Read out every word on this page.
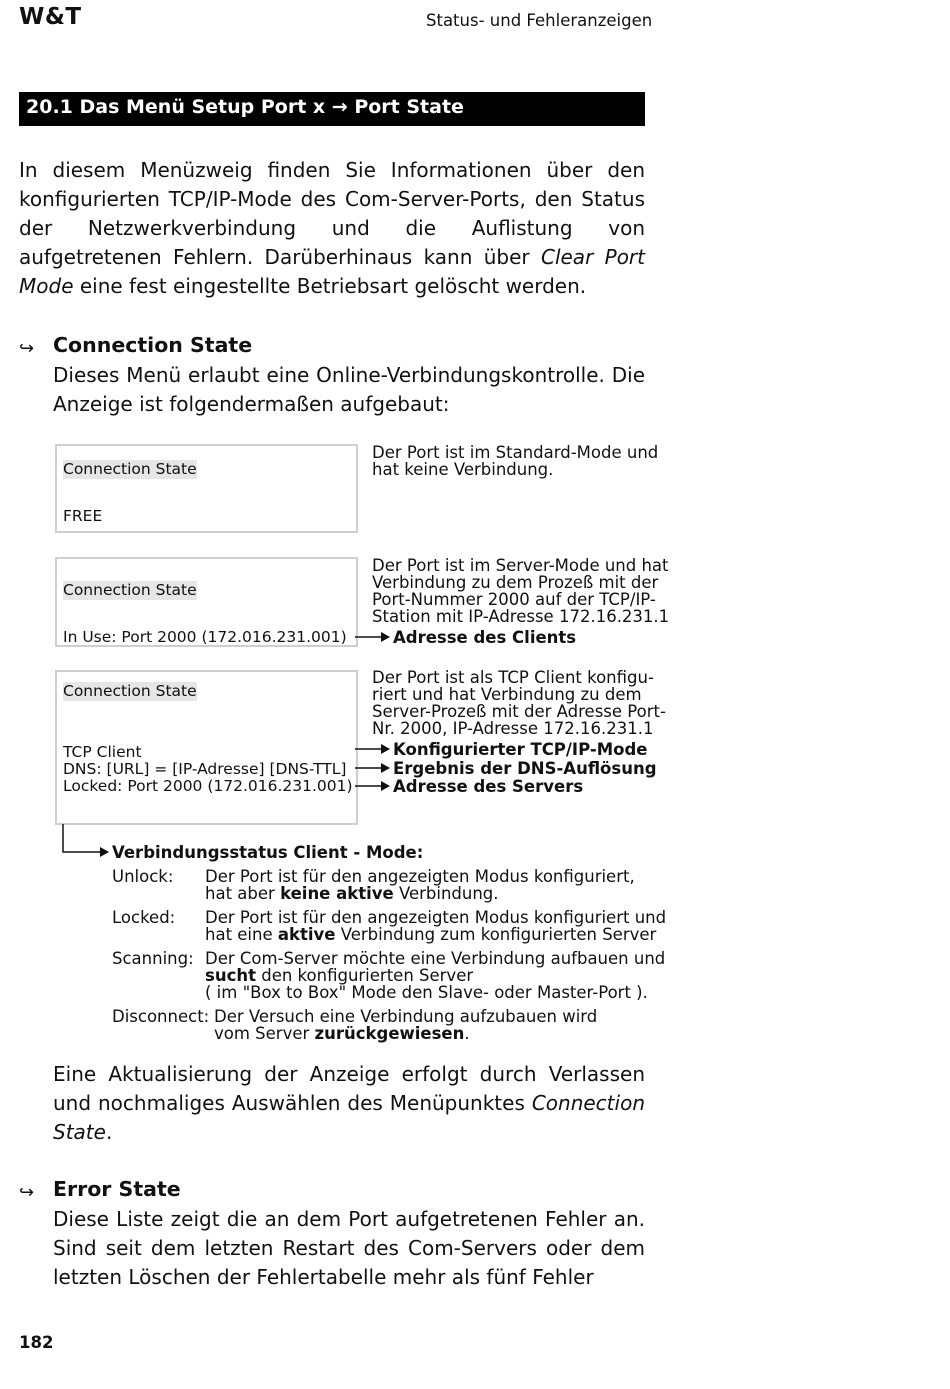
W&T	Status- und Fehleranzeigen
20.1 Das Menü Setup Port x → Port State

In diesem Menüzweig finden Sie Informationen über den konfigurierten TCP/IP-Mode des Com-Server-Ports, den Status der Netzwerkverbindung und die Auflistung von aufgetretenen Fehlern. Darüberhinaus kann über Clear Port Mode eine fest eingestellte Betriebsart gelöscht werden.

↪ Connection State

Dieses Menü erlaubt eine Online-Verbindungskontrolle. Die Anzeige ist folgendermaßen aufgebaut:

Connection State
FREE
Der Port ist im Standard-Mode und
hat keine Verbindung.
Connection State
In Use: Port 2000 (172.016.231.001)
Der Port ist im Server-Mode und hat
Verbindung zu dem Prozeß mit der
Port-Nummer 2000 auf der TCP/IP-
Station mit IP-Adresse 172.16.231.1
Adresse des Clients
Connection State
TCP Client
DNS: [URL] = [IP-Adresse] [DNS-TTL]
Locked: Port 2000 (172.016.231.001)
Der Port ist als TCP Client konfigu-
riert und hat Verbindung zu dem
Server-Prozeß mit der Adresse Port-
Nr. 2000, IP-Adresse 172.16.231.1
Konfigurierter TCP/IP-Mode
Ergebnis der DNS-Auflösung
Adresse des Servers
Verbindungsstatus Client - Mode:
Unlock: Der Port ist für den angezeigten Modus konfiguriert,
hat aber keine aktive Verbindung.
Locked: Der Port ist für den angezeigten Modus konfiguriert und
hat eine aktive Verbindung zum konfigurierten Server
Scanning: Der Com-Server möchte eine Verbindung aufbauen und
sucht den konfigurierten Server
( im "Box to Box" Mode den Slave- oder Master-Port ).
Disconnect: Der Versuch eine Verbindung aufzubauen wird
vom Server zurückgewiesen.

Eine Aktualisierung der Anzeige erfolgt durch Verlassen und nochmaliges Auswählen des Menüpunktes Connection State.

↪ Error State

Diese Liste zeigt die an dem Port aufgetretenen Fehler an. Sind seit dem letzten Restart des Com-Servers oder dem letzten Löschen der Fehlertabelle mehr als fünf Fehler

182
